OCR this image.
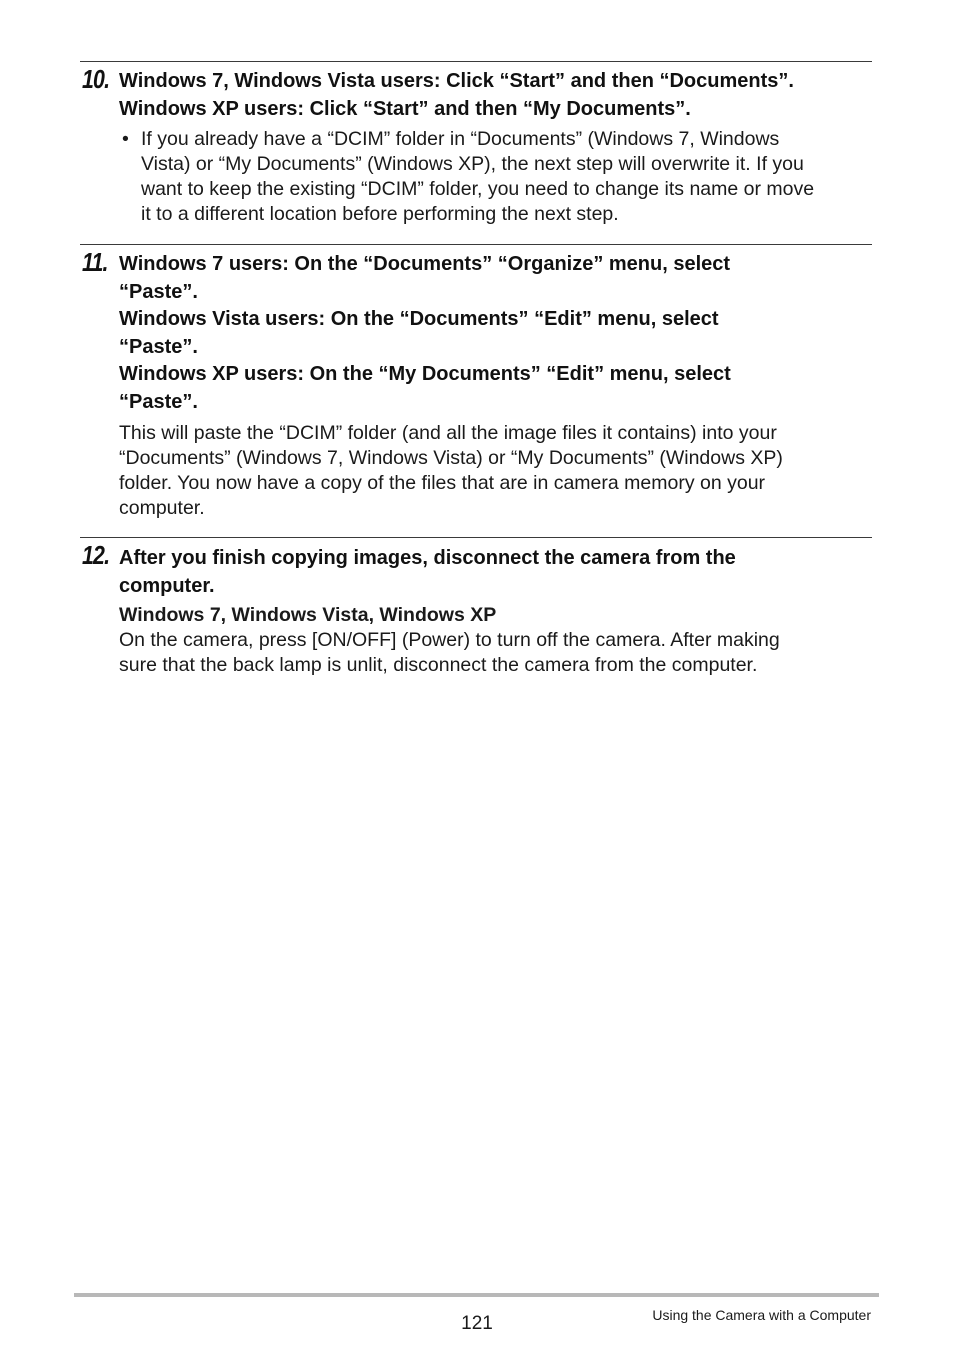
10. Windows 7, Windows Vista users: Click “Start” and then “Documents”.
Windows XP users: Click “Start” and then “My Documents”.
• If you already have a “DCIM” folder in “Documents” (Windows 7, Windows
Vista) or “My Documents” (Windows XP), the next step will overwrite it. If you
want to keep the existing “DCIM” folder, you need to change its name or move
it to a different location before performing the next step.
11. Windows 7 users: On the “Documents” “Organize” menu, select
“Paste”.
Windows Vista users: On the “Documents” “Edit” menu, select
“Paste”.
Windows XP users: On the “My Documents” “Edit” menu, select
“Paste”.
This will paste the “DCIM” folder (and all the image files it contains) into your
“Documents” (Windows 7, Windows Vista) or “My Documents” (Windows XP)
folder. You now have a copy of the files that are in camera memory on your
computer.
12. After you finish copying images, disconnect the camera from the
computer.
Windows 7, Windows Vista, Windows XP
On the camera, press [ON/OFF] (Power) to turn off the camera. After making
sure that the back lamp is unlit, disconnect the camera from the computer.
121	Using the Camera with a Computer
